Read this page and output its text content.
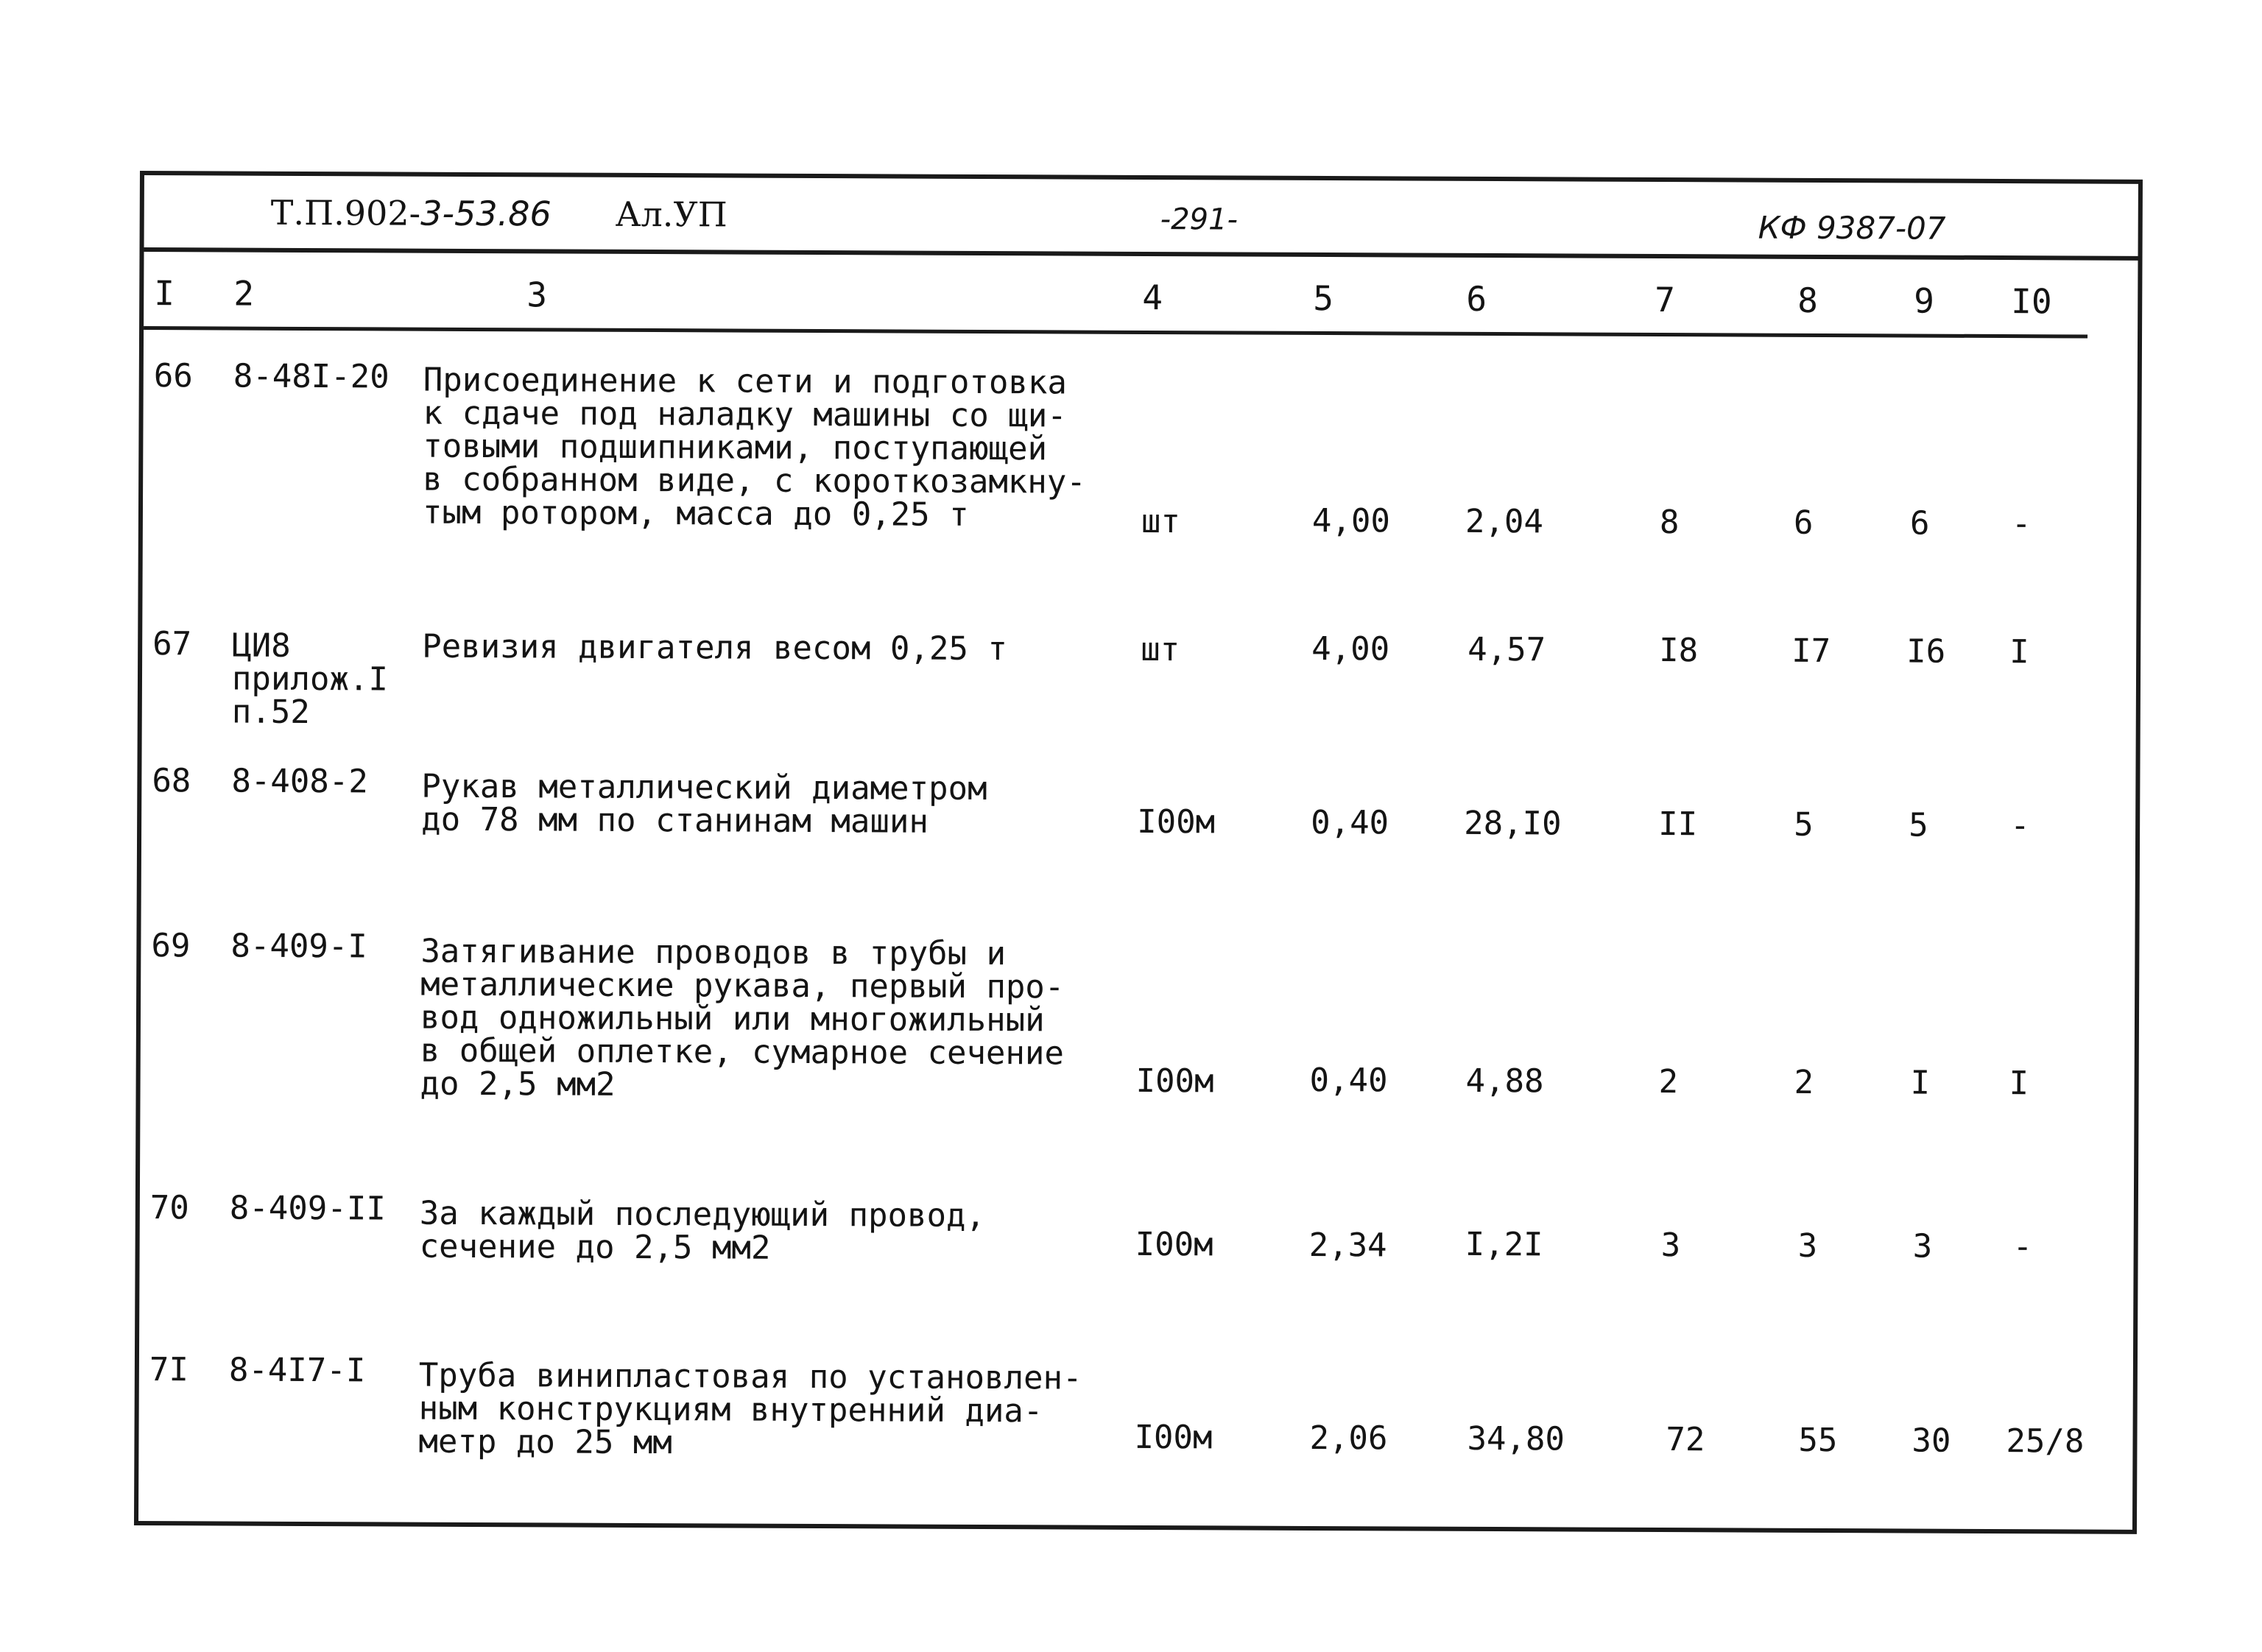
Т.П.902-3-53.86 Ал.УП	-291-	КФ 9387-07
I 2	3	4	5	6	7	8	9 I0
66 8-48I-20 Присоединение к сети и подготовка
к сдаче под наладку машины со щи-
товыми подшипниками, поступающей
в собранном виде, с короткозамкну-
тым ротором, масса до 0,25 т	шт	4,00 2,04	8	6	6	-
67 ЦИ8
прилож.I
п.52
Ревизия двигателя весом 0,25 т	шт	4,00 4,57	I8	I7 I6 I
68 8-408-2 Рукав металлический диаметром
до 78 мм по станинам машин	I00м	0,40 28,I0	II	5	5	-
69 8-409-I Затягивание проводов в трубы и
металлические рукава, первый про-
вод одножильный или многожильный
в общей оплетке, сумарное сечение
до 2,5 мм2	I00м	0,40 4,88	2	2	I I
70 8-409-II За каждый последующий провод,
сечение до 2,5 мм2	I00м	2,34 I,2I	3	3	3 -
7I 8-4I7-I Труба винипластовая по установлен-
ным конструкциям внутренний диа-
метр до 25 мм	I00м	2,06 34,80	72	55 30 25/8
